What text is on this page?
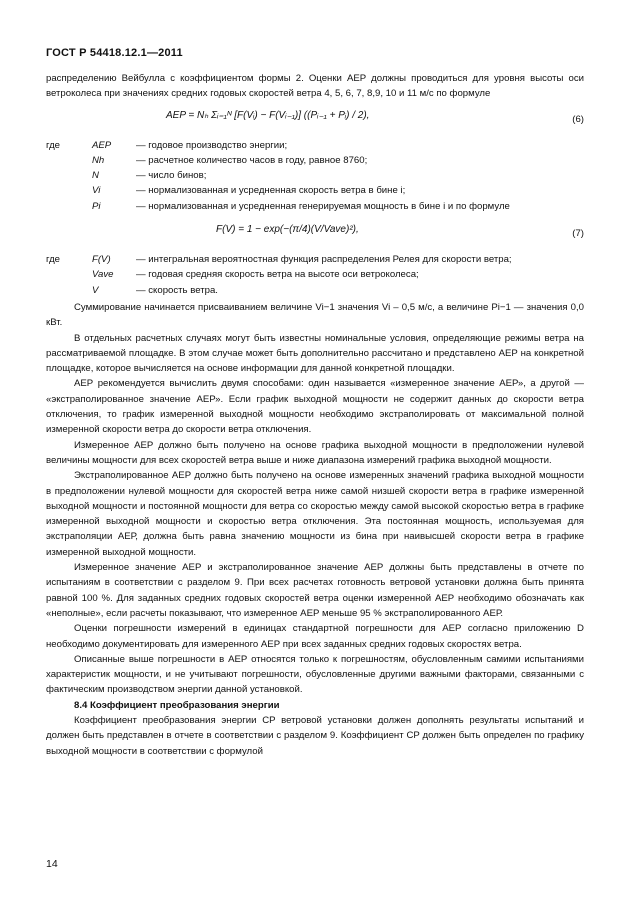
ГОСТ Р 54418.12.1—2011

распределению Вейбулла с коэффициентом формы 2. Оценки AEP должны проводиться для уровня высоты оси ветроколеса при значениях средних годовых скоростей ветра 4, 5, 6, 7, 8,9, 10 и 11 м/с по формуле

AEP = Nₕ Σᵢ₌₁ᴺ [F(Vᵢ) − F(Vᵢ₋₁)] ((Pᵢ₋₁ + Pᵢ) / 2),	(6)
где	AEP	— годовое производство энергии;
Nh	— расчетное количество часов в году, равное 8760;
N	— число бинов;
Vi	— нормализованная и усредненная скорость ветра в бине i;
Pi	— нормализованная и усредненная генерируемая мощность в бине i и по формуле
F(V) = 1 − exp(−(π/4)(V/Vave)²),	(7)
где	F(V)	— интегральная вероятностная функция распределения Релея для скорости ветра;
Vave	— годовая средняя скорость ветра на высоте оси ветроколеса;
V	— скорость ветра.

Суммирование начинается присваиванием величине Vi−1 значения Vi – 0,5 м/с, а величине Pi−1 — значения 0,0 кВт.

В отдельных расчетных случаях могут быть известны номинальные условия, определяющие режимы ветра на рассматриваемой площадке. В этом случае может быть дополнительно рассчитано и представлено АЕР на конкретной площадке, которое вычисляется на основе информации для данной конкретной площадки.

АЕР рекомендуется вычислить двумя способами: один называется «измеренное значение АЕР», а другой — «экстраполированное значение АЕР». Если график выходной мощности не содержит данных до скорости ветра отключения, то график измеренной выходной мощности необходимо экстраполировать от максимальной полной измеренной скорости ветра до скорости ветра отключения.

Измеренное АЕР должно быть получено на основе графика выходной мощности в предположении нулевой величины мощности для всех скоростей ветра выше и ниже диапазона измерений графика выходной мощности.

Экстраполированное АЕР должно быть получено на основе измеренных значений графика выходной мощности в предположении нулевой мощности для скоростей ветра ниже самой низшей скорости ветра в графике измеренной выходной мощности и постоянной мощности для ветра со скоростью между самой высокой скоростью ветра в графике измеренной выходной мощности и скоростью ветра отключения. Эта постоянная мощность, используемая для экстраполяции АЕР, должна быть равна значению мощности из бина при наивысшей скорости ветра в графике измеренной выходной мощности.

Измеренное значение АЕР и экстраполированное значение АЕР должны быть представлены в отчете по испытаниям в соответствии с разделом 9. При всех расчетах готовность ветровой установки должна быть принята равной 100 %. Для заданных средних годовых скоростей ветра оценки измеренной АЕР необходимо обозначать как «неполные», если расчеты показывают, что измеренное АЕР меньше 95 % экстраполированного АЕР.

Оценки погрешности измерений в единицах стандартной погрешности для АЕР согласно приложению D необходимо документировать для измеренного АЕР при всех заданных средних годовых скоростях ветра.

Описанные выше погрешности в АЕР относятся только к погрешностям, обусловленным самими испытаниями характеристик мощности, и не учитывают погрешности, обусловленные другими важными факторами, связанными с фактическим производством энергии данной установкой.

8.4 Коэффициент преобразования энергии

Коэффициент преобразования энергии CP ветровой установки должен дополнять результаты испытаний и должен быть представлен в отчете в соответствии с разделом 9. Коэффициент CP должен быть определен по графику выходной мощности в соответствии с формулой

14
